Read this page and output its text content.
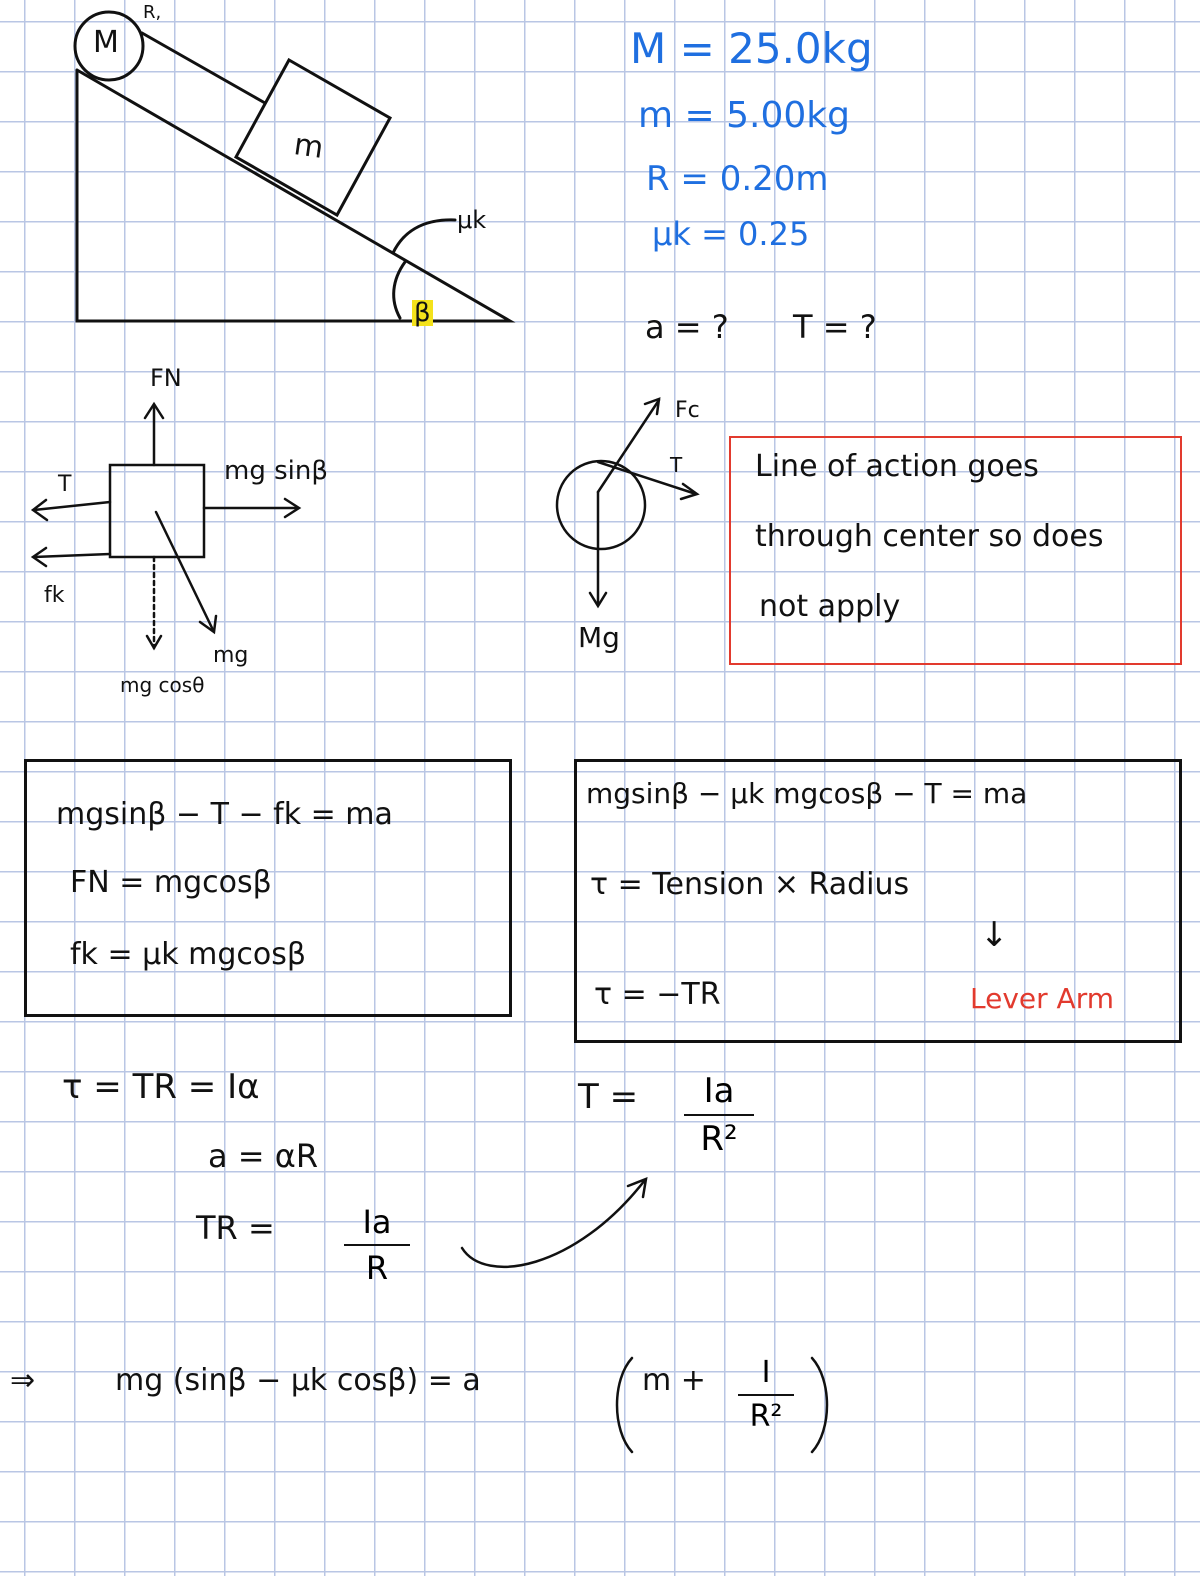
M
R,
m
μk
β
M = 25.0kg
m = 5.00kg
R = 0.20m
μk = 0.25
a = ? T = ?
FN
T	mg sinβ
fk
mg
mg cosθ
Fc
T
Mg
Line of action goes
through center so does
not apply
mgsinβ − T − fk = ma
FN = mgcosβ
fk = μk mgcosβ
mgsinβ − μk mgcosβ − T = ma
τ = Tension × Radius
↓
τ = −TR	Lever Arm
τ = TR = Iα
a = αR
TR =	Ia
R
T = Ia
R²
⇒	mg (sinβ − μk cosβ) = a	m + I
R²
